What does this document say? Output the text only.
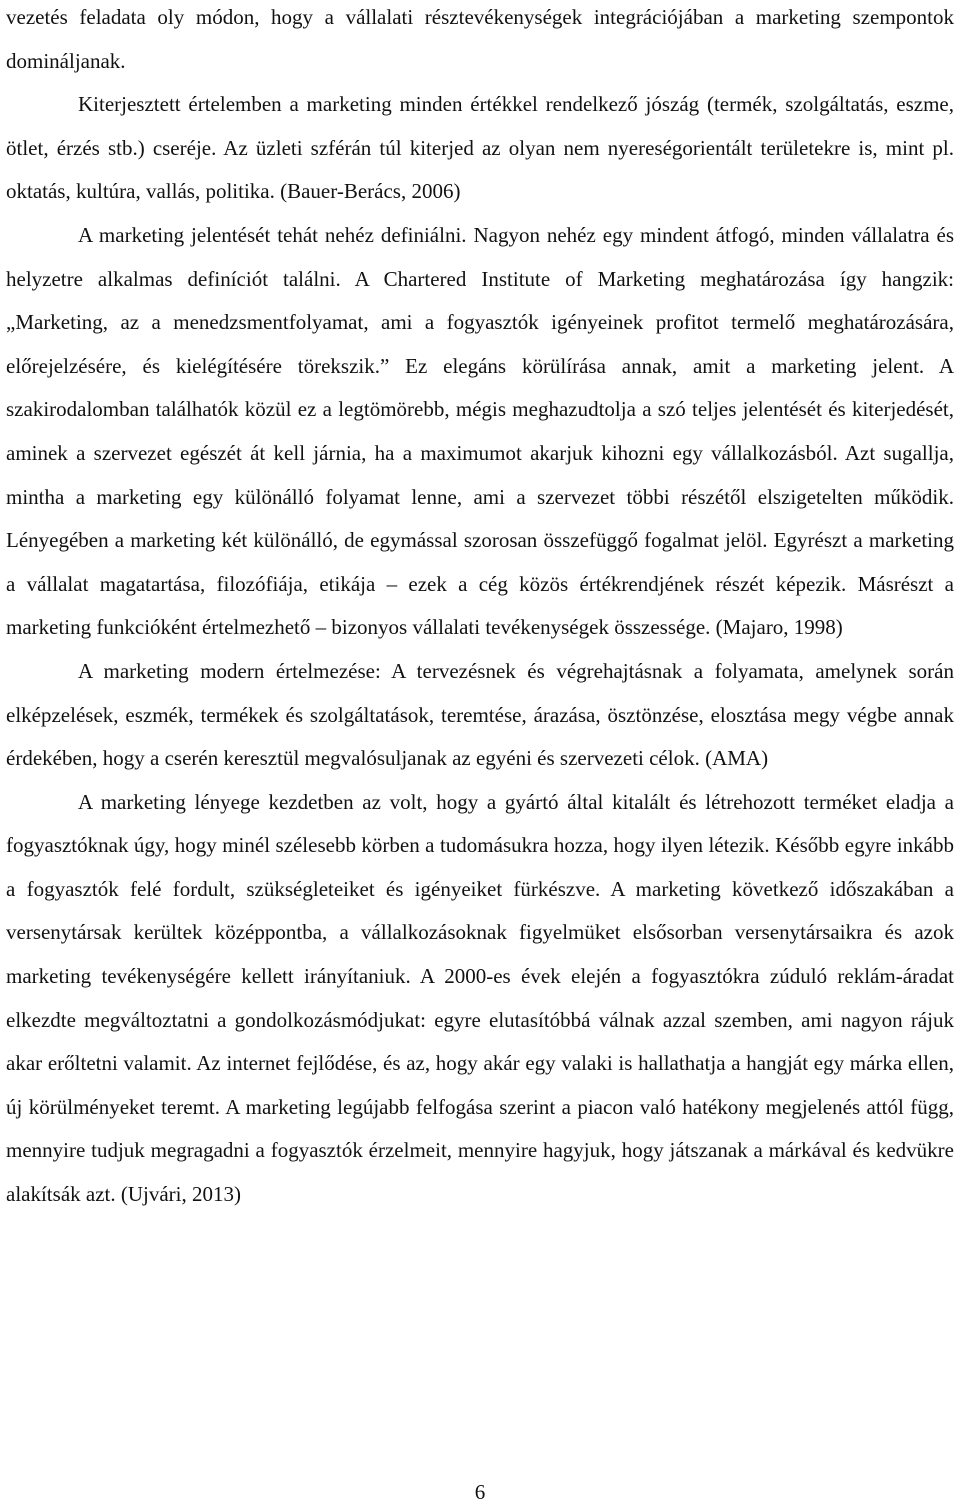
vezetés feladata oly módon, hogy a vállalati résztevékenységek integrációjában a marketing szempontok domináljanak.

Kiterjesztett értelemben a marketing minden értékkel rendelkező jószág (termék, szolgáltatás, eszme, ötlet, érzés stb.) cseréje. Az üzleti szférán túl kiterjed az olyan nem nyereségorientált területekre is, mint pl. oktatás, kultúra, vallás, politika. (Bauer-Berács, 2006)

A marketing jelentését tehát nehéz definiálni. Nagyon nehéz egy mindent átfogó, minden vállalatra és helyzetre alkalmas definíciót találni. A Chartered Institute of Marketing meghatározása így hangzik: „Marketing, az a menedzsmentfolyamat, ami a fogyasztók igényeinek profitot termelő meghatározására, előrejelzésére, és kielégítésére törekszik.” Ez elegáns körülírása annak, amit a marketing jelent. A szakirodalomban találhatók közül ez a legtömörebb, mégis meghazudtolja a szó teljes jelentését és kiterjedését, aminek a szervezet egészét át kell járnia, ha a maximumot akarjuk kihozni egy vállalkozásból. Azt sugallja, mintha a marketing egy különálló folyamat lenne, ami a szervezet többi részétől elszigetelten működik. Lényegében a marketing két különálló, de egymással szorosan összefüggő fogalmat jelöl. Egyrészt a marketing a vállalat magatartása, filozófiája, etikája – ezek a cég közös értékrendjének részét képezik. Másrészt a marketing funkcióként értelmezhető – bizonyos vállalati tevékenységek összessége. (Majaro, 1998)

A marketing modern értelmezése: A tervezésnek és végrehajtásnak a folyamata, amelynek során elképzelések, eszmék, termékek és szolgáltatások, teremtése, árazása, ösztönzése, elosztása megy végbe annak érdekében, hogy a cserén keresztül megvalósuljanak az egyéni és szervezeti célok. (AMA)

A marketing lényege kezdetben az volt, hogy a gyártó által kitalált és létrehozott terméket eladja a fogyasztóknak úgy, hogy minél szélesebb körben a tudomásukra hozza, hogy ilyen létezik. Később egyre inkább a fogyasztók felé fordult, szükségleteiket és igényeiket fürkészve. A marketing következő időszakában a versenytársak kerültek középpontba, a vállalkozásoknak figyelmüket elsősorban versenytársaikra és azok marketing tevékenységére kellett irányítaniuk. A 2000-es évek elején a fogyasztókra zúduló reklám-áradat elkezdte megváltoztatni a gondolkozásmódjukat: egyre elutasítóbbá válnak azzal szemben, ami nagyon rájuk akar erőltetni valamit. Az internet fejlődése, és az, hogy akár egy valaki is hallathatja a hangját egy márka ellen, új körülményeket teremt. A marketing legújabb felfogása szerint a piacon való hatékony megjelenés attól függ, mennyire tudjuk megragadni a fogyasztók érzelmeit, mennyire hagyjuk, hogy játszanak a márkával és kedvükre alakítsák azt. (Ujvári, 2013)

6
